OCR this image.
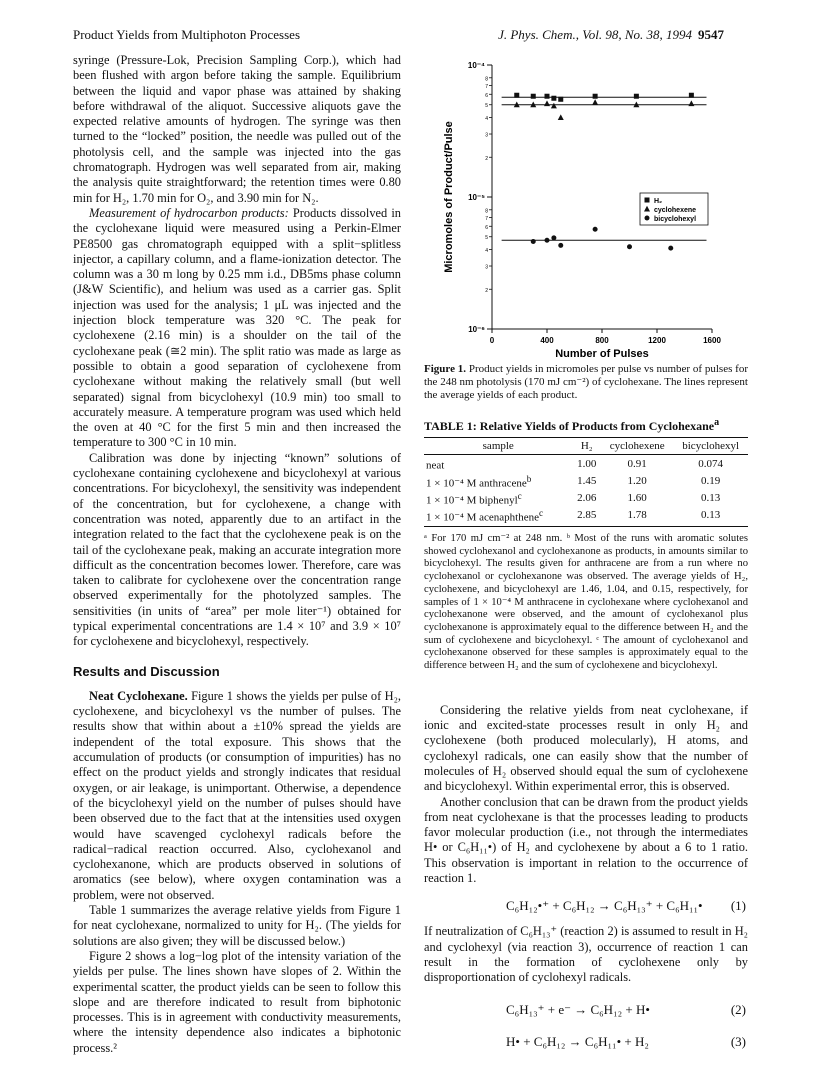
Product Yields from Multiphoton Processes	J. Phys. Chem., Vol. 98, No. 38, 1994 9547

syringe (Pressure-Lok, Precision Sampling Corp.), which had been flushed with argon before taking the sample. Equilibrium between the liquid and vapor phase was attained by shaking before withdrawal of the aliquot. Successive aliquots gave the expected relative amounts of hydrogen. The syringe was then turned to the “locked” position, the needle was pulled out of the photolysis cell, and the sample was injected into the gas chromatograph. Hydrogen was well separated from air, making the analysis quite straightforward; the retention times were 0.80 min for H₂, 1.70 min for O₂, and 3.90 min for N₂.

Measurement of hydrocarbon products: Products dissolved in the cyclohexane liquid were measured using a Perkin-Elmer PE8500 gas chromatograph equipped with a split−splitless injector, a capillary column, and a flame-ionization detector. The column was a 30 m long by 0.25 mm i.d., DB5ms phase column (J&W Scientific), and helium was used as a carrier gas. Split injection was used for the analysis; 1 μL was injected and the injection block temperature was 320 °C. The peak for cyclohexene (2.16 min) is a shoulder on the tail of the cyclohexane peak (≅2 min). The split ratio was made as large as possible to obtain a good separation of cyclohexene from cyclohexane without making the relatively small (but well separated) signal from bicyclohexyl (10.9 min) too small to accurately measure. A temperature program was used which held the oven at 40 °C for the first 5 min and then increased the temperature to 300 °C in 10 min.

Calibration was done by injecting “known” solutions of cyclohexane containing cyclohexene and bicyclohexyl at various concentrations. For bicyclohexyl, the sensitivity was independent of the concentration, but for cyclohexene, a change with concentration was noted, apparently due to an artifact in the integration related to the fact that the cyclohexene peak is on the tail of the cyclohexane peak, making an accurate integration more difficult as the concentration becomes lower. Therefore, care was taken to calibrate for cyclohexene over the concentration range observed experimentally for the photolyzed samples. The sensitivities (in units of “area” per mole liter⁻¹) obtained for typical experimental concentrations are 1.4 × 10⁷ and 3.9 × 10⁷ for cyclohexene and bicyclohexyl, respectively.

Results and Discussion

Neat Cyclohexane. Figure 1 shows the yields per pulse of H₂, cyclohexene, and bicyclohexyl vs the number of pulses. The results show that within about a ±10% spread the yields are independent of the total exposure. This shows that the accumulation of products (or consumption of impurities) has no effect on the product yields and strongly indicates that residual oxygen, or air leakage, is unimportant. Otherwise, a dependence of the bicyclohexyl yield on the number of pulses should have been observed due to the fact that at the intensities used oxygen would have scavenged cyclohexyl radicals before the radical−radical reaction occurred. Also, cyclohexanol and cyclohexanone, which are products observed in solutions of aromatics (see below), where oxygen contamination was a problem, were not observed.

Table 1 summarizes the average relative yields from Figure 1 for neat cyclohexane, normalized to unity for H₂. (The yields for solutions are also given; they will be discussed below.)

Figure 2 shows a log−log plot of the intensity variation of the yields per pulse. The lines shown have slopes of 2. Within the experimental scatter, the product yields can be seen to follow this slope and are therefore indicated to result from biphotonic processes. This is in agreement with conductivity measurements, where the intensity dependence also indicates a biphotonic process.²

0	400	800	1200	1600
10⁻⁴
10⁻⁵
10⁻⁶
8
7
6
5
4
3
2
8
7
6
5
4
3
2
Micromoles of Product/Pulse
Number of Pulses
H₂
cyclohexene
bicyclohexyl
Figure 1. Product yields in micromoles per pulse vs number of pulses for the 248 nm photolysis (170 mJ cm⁻²) of cyclohexane. The lines represent the average yields of each product.
TABLE 1: Relative Yields of Products from Cyclohexane$^a$
sample	H₂	cyclohexene	bicyclohexyl
neat	1.00	0.91	0.074
1 × 10⁻⁴ M anthracene$^b$	1.45	1.20	0.19
1 × 10⁻⁴ M biphenyl$^c$	2.06	1.60	0.13
1 × 10⁻⁴ M acenaphthene$^c$	2.85	1.78	0.13

ᵃ For 170 mJ cm⁻² at 248 nm. ᵇ Most of the runs with aromatic solutes showed cyclohexanol and cyclohexanone as products, in amounts similar to bicyclohexyl. The results given for anthracene are from a run where no cyclohexanol or cyclohexanone was observed. The average yields of H₂, cyclohexene, and bicyclohexyl are 1.46, 1.04, and 0.15, respectively, for samples of 1 × 10⁻⁴ M anthracene in cyclohexane where cyclohexanol and cyclohexanone were observed, and the amount of cyclohexanol plus cyclohexanone is approximately equal to the difference between H₂ and the sum of cyclohexene and bicyclohexyl. ᶜ The amount of cyclohexanol and cyclohexanone observed for these samples is approximately equal to the difference between H₂ and the sum of cyclohexene and bicyclohexyl.

Considering the relative yields from neat cyclohexane, if ionic and excited-state processes result in only H₂ and cyclohexene (both produced molecularly), H atoms, and cyclohexyl radicals, one can easily show that the number of molecules of H₂ observed should equal the sum of cyclohexene and bicyclohexyl. Within experimental error, this is observed.

Another conclusion that can be drawn from the product yields from neat cyclohexane is that the processes leading to products favor molecular production (i.e., not through the intermediates H• or C₆H₁₁•) of H₂ and cyclohexene by about a 6 to 1 ratio. This observation is important in relation to the occurrence of reaction 1.

C₆H₁₂•⁺ + C₆H₁₂ → C₆H₁₃⁺ + C₆H₁₁• (1)

If neutralization of C₆H₁₃⁺ (reaction 2) is assumed to result in H₂ and cyclohexyl (via reaction 3), occurrence of reaction 1 can result in the formation of cyclohexene only by disproportionation of cyclohexyl radicals.

C₆H₁₃⁺ + e⁻ → C₆H₁₂ + H•	(2)
H• + C₆H₁₂ → C₆H₁₁• + H₂	(3)
